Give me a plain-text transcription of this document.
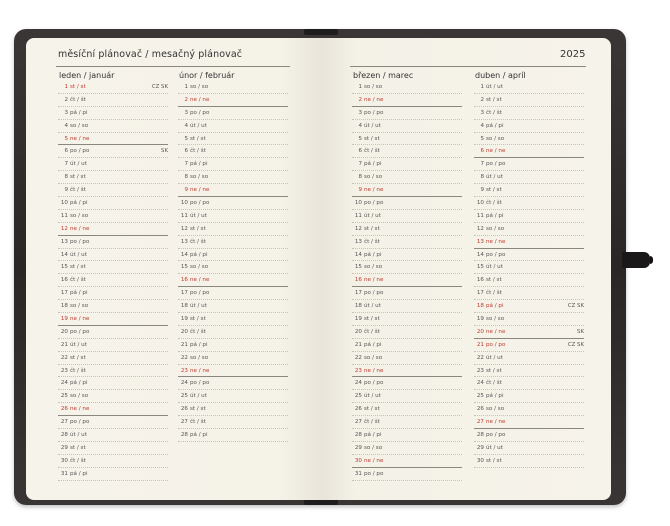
měsíční plánovač / mesačný plánovač	2025
leden / január
1 st / st	CZ SK
2 čt / št
3 pá / pi
4 so / so
5 ne / ne
6 po / po	SK
7 út / ut
8 st / st
9 čt / št
10 pá / pi
11 so / so
12 ne / ne
13 po / po
14 út / ut
15 st / st
16 čt / št
17 pá / pi
18 so / so
19 ne / ne
20 po / po
21 út / ut
22 st / st
23 čt / št
24 pá / pi
25 so / so
26 ne / ne
27 po / po
28 út / ut
29 st / st
30 čt / št
31 pá / pi
únor / február
1 so / so
2 ne / ne
3 po / po
4 út / ut
5 st / st
6 čt / št
7 pá / pi
8 so / so
9 ne / ne
10 po / po
11 út / ut
12 st / st
13 čt / št
14 pá / pi
15 so / so
16 ne / ne
17 po / po
18 út / ut
19 st / st
20 čt / št
21 pá / pi
22 so / so
23 ne / ne
24 po / po
25 út / ut
26 st / st
27 čt / št
28 pá / pi
březen / marec
1 so / so
2 ne / ne
3 po / po
4 út / ut
5 st / st
6 čt / št
7 pá / pi
8 so / so
9 ne / ne
10 po / po
11 út / ut
12 st / st
13 čt / št
14 pá / pi
15 so / so
16 ne / ne
17 po / po
18 út / ut
19 st / st
20 čt / št
21 pá / pi
22 so / so
23 ne / ne
24 po / po
25 út / ut
26 st / st
27 čt / št
28 pá / pi
29 so / so
30 ne / ne
31 po / po
duben / apríl
1 út / ut
2 st / st
3 čt / št
4 pá / pi
5 so / so
6 ne / ne
7 po / po
8 út / ut
9 st / st
10 čt / št
11 pá / pi
12 so / so
13 ne / ne
14 po / po
15 út / ut
16 st / st
17 čt / št
18 pá / pi	CZ SK
19 so / so
20 ne / ne	SK
21 po / po	CZ SK
22 út / ut
23 st / st
24 čt / št
25 pá / pi
26 so / so
27 ne / ne
28 po / po
29 út / ut
30 st / st
